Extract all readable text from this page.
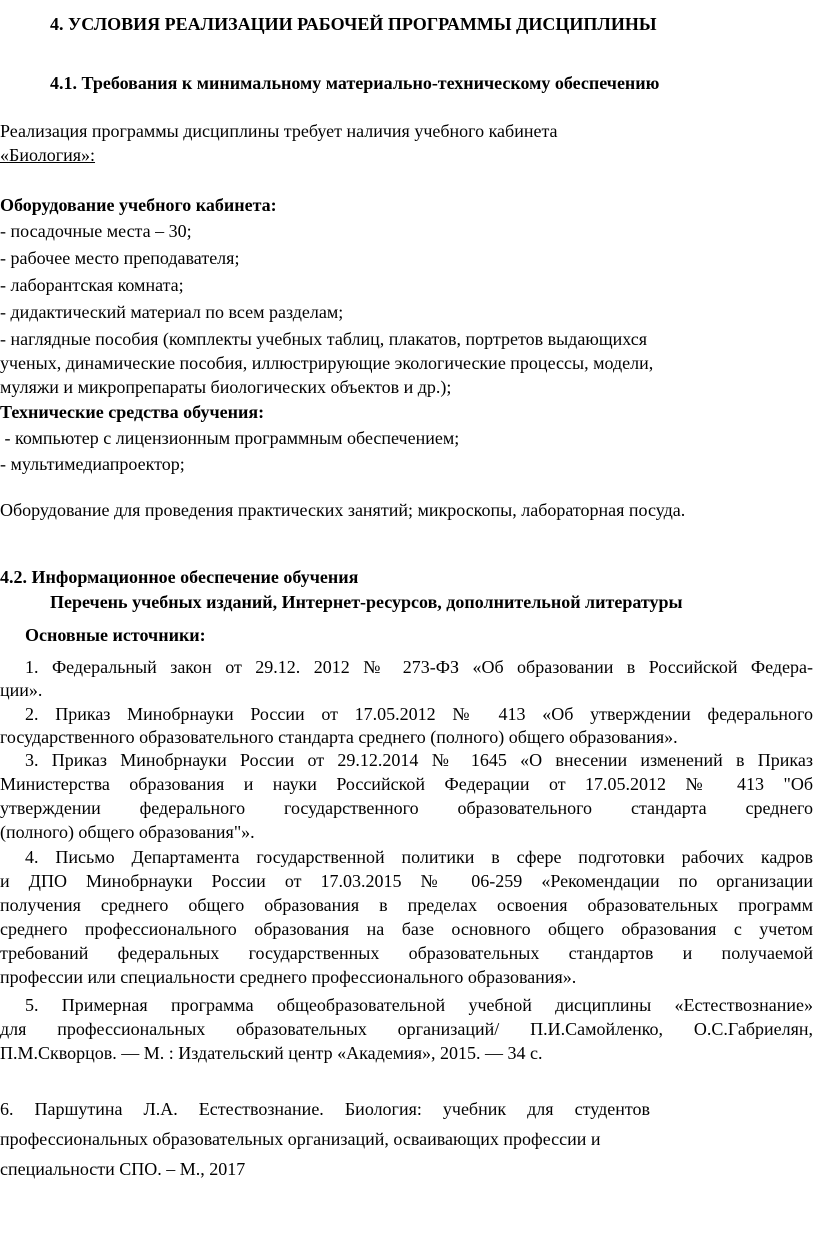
4. УСЛОВИЯ РЕАЛИЗАЦИИ РАБОЧЕЙ ПРОГРАММЫ ДИСЦИПЛИНЫ
4.1. Требования к минимальному материально-техническому обеспечению
Реализация программы дисциплины требует наличия учебного кабинета
«Биология»:
Оборудование учебного кабинета:
- посадочные места – 30;
- рабочее место преподавателя;
- лаборантская комната;
- дидактический материал по всем разделам;
- наглядные пособия (комплекты учебных таблиц, плакатов, портретов выдающихся
ученых, динамические пособия, иллюстрирующие экологические процессы, модели,
муляжи и микропрепараты биологических объектов и др.);
Технические средства обучения:
- компьютер с лицензионным программным обеспечением;
- мультимедиапроектор;
Оборудование для проведения практических занятий; микроскопы, лабораторная посуда.
4.2. Информационное обеспечение обучения
Перечень учебных изданий, Интернет-ресурсов, дополнительной литературы
Основные источники:
1. Федеральный закон от 29.12. 2012 № 273-ФЗ «Об образовании в Российской Федера-
ции».
2. Приказ Минобрнауки России от 17.05.2012 № 413 «Об утверждении федерального
государственного образовательного стандарта среднего (полного) общего образования».
3. Приказ Минобрнауки России от 29.12.2014 № 1645 «О внесении изменений в Приказ
Министерства образования и науки Российской Федерации от 17.05.2012 № 413 "Об
утверждении федерального государственного образовательного стандарта среднего
(полного) общего образования"».
4. Письмо Департамента государственной политики в сфере подготовки рабочих кадров
и ДПО Минобрнауки России от 17.03.2015 № 06-259 «Рекомендации по организации
получения среднего общего образования в пределах освоения образовательных программ
среднего профессионального образования на базе основного общего образования с учетом
требований федеральных государственных образовательных стандартов и получаемой
профессии или специальности среднего профессионального образования».
5. Примерная программа общеобразовательной учебной дисциплины «Естествознание»
для профессиональных образовательных организаций/ П.И.Самойленко, О.С.Габриелян,
П.М.Скворцов. — М. : Издательский центр «Академия», 2015. — 34 с.
6. Паршутина Л.А. Естествознание. Биология: учебник для студентов
профессиональных образовательных организаций, осваивающих профессии и
специальности СПО. – М., 2017
